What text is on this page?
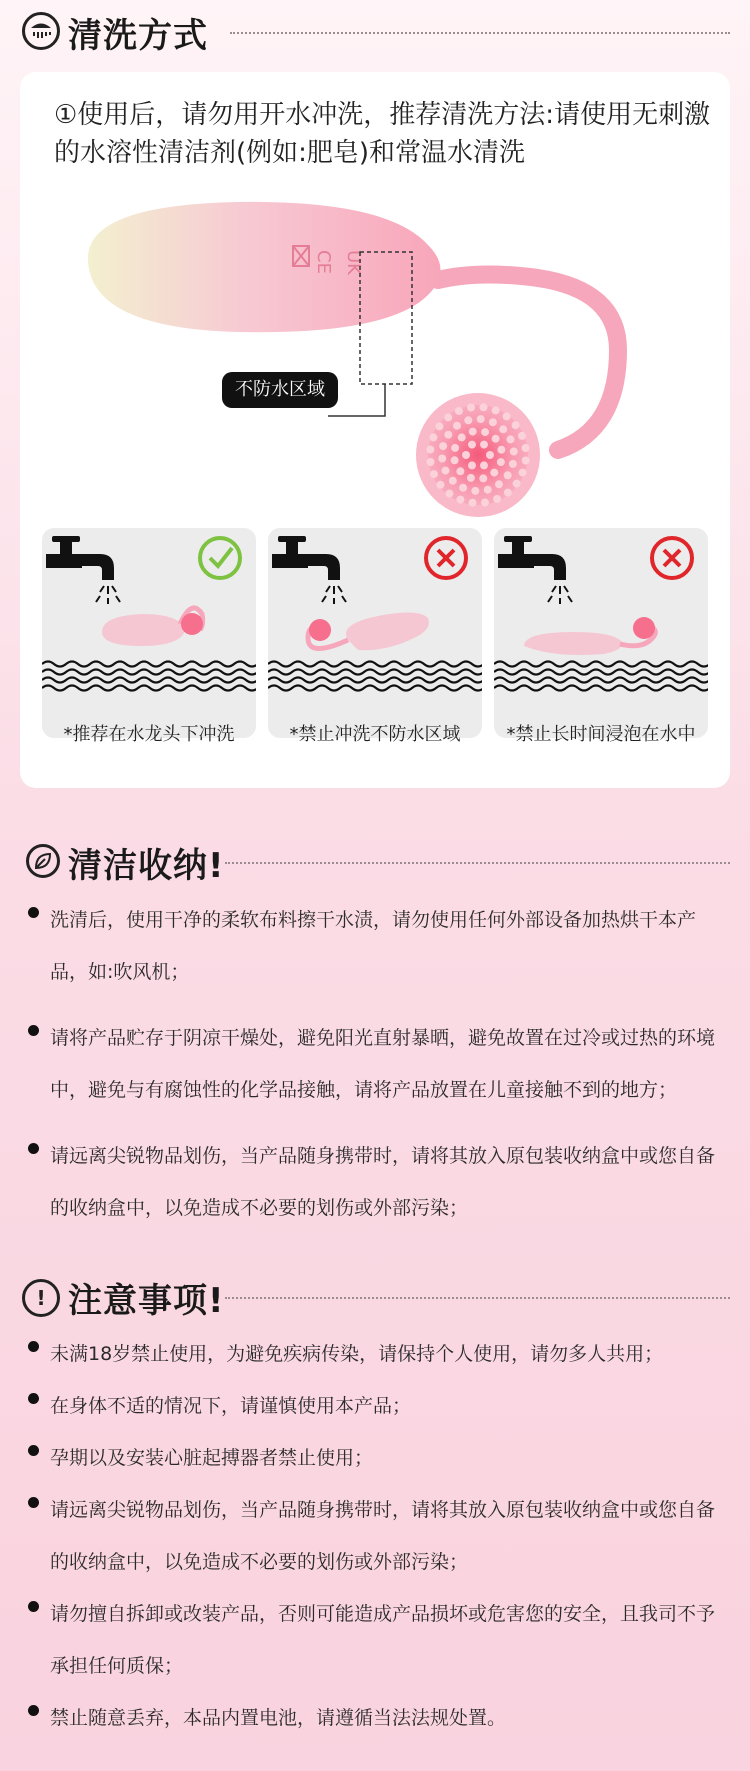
清洗方式
①使用后，请勿用开水冲洗，推荐清洗方法:请使用无刺激的水溶性清洁剂(例如:肥皂)和常温水清洗
CE UK
不防水区域
*推荐在水龙头下冲洗	*禁止冲洗不防水区域	*禁止长时间浸泡在水中
清洁收纳!
洗清后，使用干净的柔软布料擦干水渍，请勿使用任何外部设备加热烘干本产品，如:吹风机；
请将产品贮存于阴凉干燥处，避免阳光直射暴晒，避免故置在过冷或过热的环境中，避免与有腐蚀性的化学品接触，请将产品放置在儿童接触不到的地方；
请远离尖锐物品划伤，当产品随身携带时，请将其放入原包装收纳盒中或您自备的收纳盒中，以免造成不必要的划伤或外部污染；
! 注意事项!
未满18岁禁止使用，为避免疾病传染，请保持个人使用，请勿多人共用；
在身体不适的情况下，请谨慎使用本产品；
孕期以及安装心脏起搏器者禁止使用；
请远离尖锐物品划伤，当产品随身携带时，请将其放入原包装收纳盒中或您自备的收纳盒中，以免造成不必要的划伤或外部污染；
请勿擅自拆卸或改装产品，否则可能造成产品损坏或危害您的安全，且我司不予承担任何质保；
禁止随意丢弃，本品内置电池，请遵循当法法规处置。
